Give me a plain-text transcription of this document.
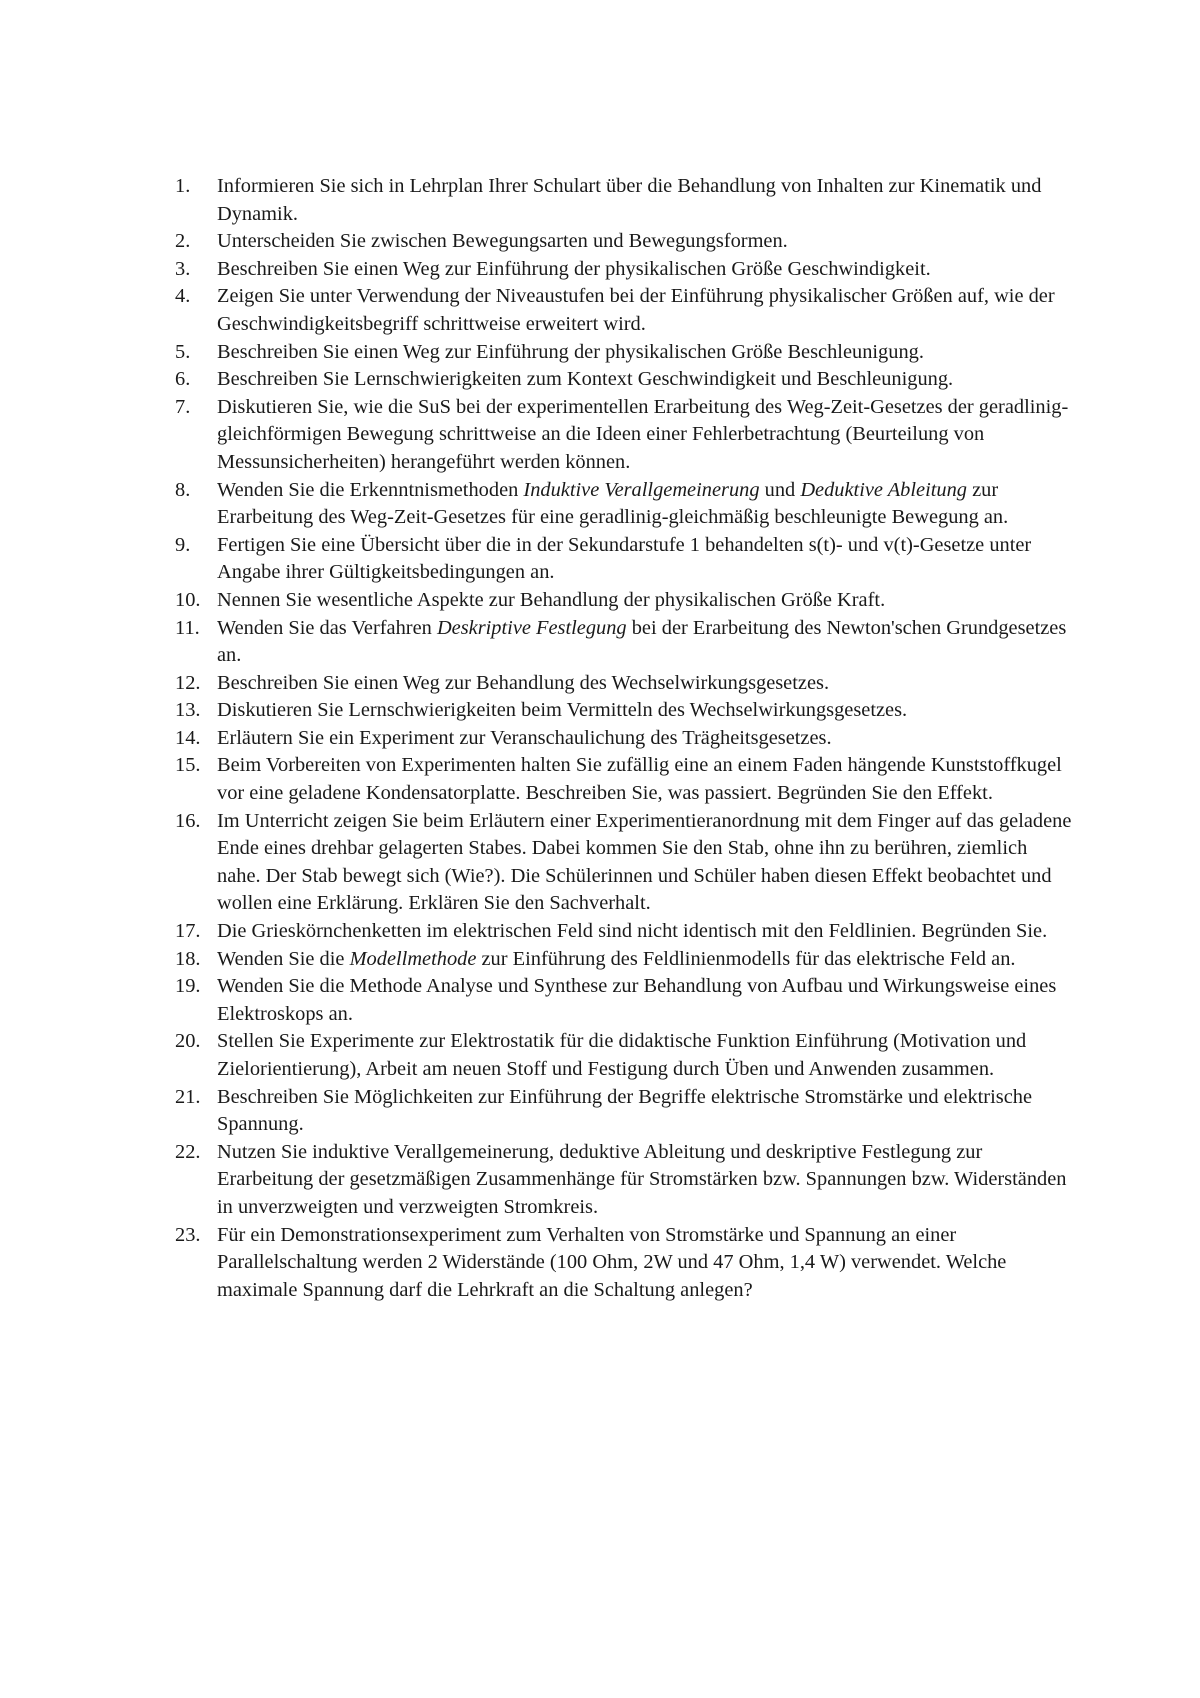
1.	Informieren Sie sich in Lehrplan Ihrer Schulart über die Behandlung von Inhalten zur Kinematik und Dynamik.
2.	Unterscheiden Sie zwischen Bewegungsarten und Bewegungsformen.
3.	Beschreiben Sie einen Weg zur Einführung der physikalischen Größe Geschwindigkeit.
4.	Zeigen Sie unter Verwendung der Niveaustufen bei der Einführung physikalischer Größen auf, wie der Geschwindigkeitsbegriff schrittweise erweitert wird.
5.	Beschreiben Sie einen Weg zur Einführung der physikalischen Größe Beschleunigung.
6.	Beschreiben Sie Lernschwierigkeiten zum Kontext Geschwindigkeit und Beschleunigung.
7.	Diskutieren Sie, wie die SuS bei der experimentellen Erarbeitung des Weg-Zeit-Gesetzes der geradlinig-gleichförmigen Bewegung schrittweise an die Ideen einer Fehlerbetrachtung (Beurteilung von Messunsicherheiten) herangeführt werden können.
8.	Wenden Sie die Erkenntnismethoden Induktive Verallgemeinerung und Deduktive Ableitung zur Erarbeitung des Weg-Zeit-Gesetzes für eine geradlinig-gleichmäßig beschleunigte Bewegung an.
9.	Fertigen Sie eine Übersicht über die in der Sekundarstufe 1 behandelten s(t)- und v(t)-Gesetze unter Angabe ihrer Gültigkeitsbedingungen an.
10. Nennen Sie wesentliche Aspekte zur Behandlung der physikalischen Größe Kraft.
11. Wenden Sie das Verfahren Deskriptive Festlegung bei der Erarbeitung des Newton'schen Grundgesetzes an.
12. Beschreiben Sie einen Weg zur Behandlung des Wechselwirkungsgesetzes.
13. Diskutieren Sie Lernschwierigkeiten beim Vermitteln des Wechselwirkungsgesetzes.
14. Erläutern Sie ein Experiment zur Veranschaulichung des Trägheitsgesetzes.
15. Beim Vorbereiten von Experimenten halten Sie zufällig eine an einem Faden hängende Kunststoffkugel vor eine geladene Kondensatorplatte. Beschreiben Sie, was passiert. Begründen Sie den Effekt.
16. Im Unterricht zeigen Sie beim Erläutern einer Experimentieranordnung mit dem Finger auf das geladene Ende eines drehbar gelagerten Stabes. Dabei kommen Sie den Stab, ohne ihn zu berühren, ziemlich nahe. Der Stab bewegt sich (Wie?). Die Schülerinnen und Schüler haben diesen Effekt beobachtet und wollen eine Erklärung. Erklären Sie den Sachverhalt.
17. Die Grieskörnchenketten im elektrischen Feld sind nicht identisch mit den Feldlinien. Begründen Sie.
18. Wenden Sie die Modellmethode zur Einführung des Feldlinienmodells für das elektrische Feld an.
19. Wenden Sie die Methode Analyse und Synthese zur Behandlung von Aufbau und Wirkungsweise eines Elektroskops an.
20. Stellen Sie Experimente zur Elektrostatik für die didaktische Funktion Einführung (Motivation und Zielorientierung), Arbeit am neuen Stoff und Festigung durch Üben und Anwenden zusammen.
21. Beschreiben Sie Möglichkeiten zur Einführung der Begriffe elektrische Stromstärke und elektrische Spannung.
22. Nutzen Sie induktive Verallgemeinerung, deduktive Ableitung und deskriptive Festlegung zur Erarbeitung der gesetzmäßigen Zusammenhänge für Stromstärken bzw. Spannungen bzw. Widerständen in unverzweigten und verzweigten Stromkreis.
23. Für ein Demonstrationsexperiment zum Verhalten von Stromstärke und Spannung an einer Parallelschaltung werden 2 Widerstände (100 Ohm, 2W und 47 Ohm, 1,4 W) verwendet. Welche maximale Spannung darf die Lehrkraft an die Schaltung anlegen?
